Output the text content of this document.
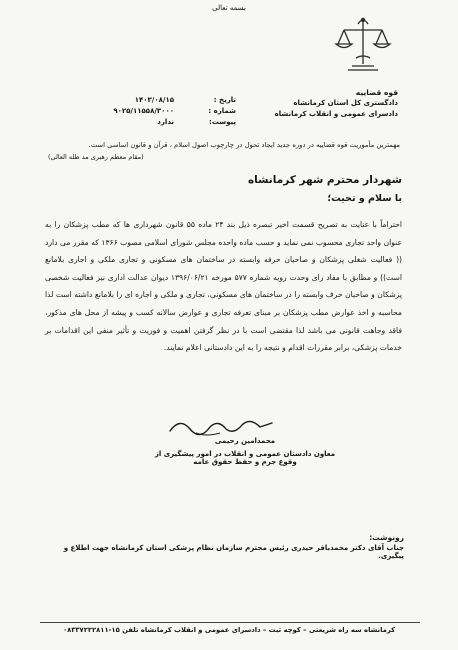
بسمه تعالی
قوه قضاییه
دادگستری کل استان کرمانشاه
دادسرای عمومی و انقلاب کرمانشاه
تاریخ :
۱۴۰۳/۰۸/۱۵
شماره :
۹۰۲۵/۱۱۵۵۸/۳۰۰۰
پیوست:
ندارد
مهمترین مأموریت قوه قضاییه در دوره جدید ایجاد تحول در چارچوب اصول اسلام ، قرآن و قانون اساسی است.
(مقام معظم رهبری مد ظله العالی)
شهردار محترم شهر کرمانشاه
با سلام و تحیت؛

احتراماً با عنایت به تصریح قسمت اخیر تبصره ذیل بند ۲۴ ماده ۵۵ قانون شهرداری ها که مطب پزشکان را به عنوان واحد تجاری محسوب نمی نماید و حسب ماده واحده مجلس شورای اسلامی مصوب ۱۳۶۶ که مقرر می دارد (( فعالیت شغلی پزشکان و صاحبان حرفه وابسته در ساختمان های مسکونی و تجاری ملکی و اجاری بلامانع است)) و مطابق با مفاد رای وحدت رویه شماره ۵۷۷ مورخه ۱۳۹۶/۰۶/۲۱ دیوان عدالت اداری نیز فعالیت شخصی پزشکان و صاحبان حرف وابسته را در ساختمان های مسکونی، تجاری و ملکی و اجاره ای را بلامانع داشته است لذا محاسبه و اخذ عوارض مطب پزشکان بر مبنای تعرفه تجاری و عوارض سالانه کسب و پیشه از محل های مذکور، فاقد وجاهت قانونی می باشد لذا مقتضی است با در نظر گرفتن اهمیت و فوریت و تأثیر منفی این اقدامات بر خدمات پزشکی، برابر مقررات اقدام و نتیجه را به این دادستانی اعلام نمایند.

محمدامین رحیمی
معاون دادستان عمومی و انقلاب در امور پیشگیری از وقوع جرم و حفظ حقوق عامه
رونوشت:
جناب آقای دکتر محمدباقر حیدری رئیس محترم سازمان نظام پزشکی استان کرمانشاه جهت اطلاع و پیگیری.
کرمانشاه سه راه شریعتی – کوچه ثبت – دادسرای عمومی و انقلاب کرمانشاه تلفن ۱۵-۰۸۳۳۷۲۲۲۸۱۱
